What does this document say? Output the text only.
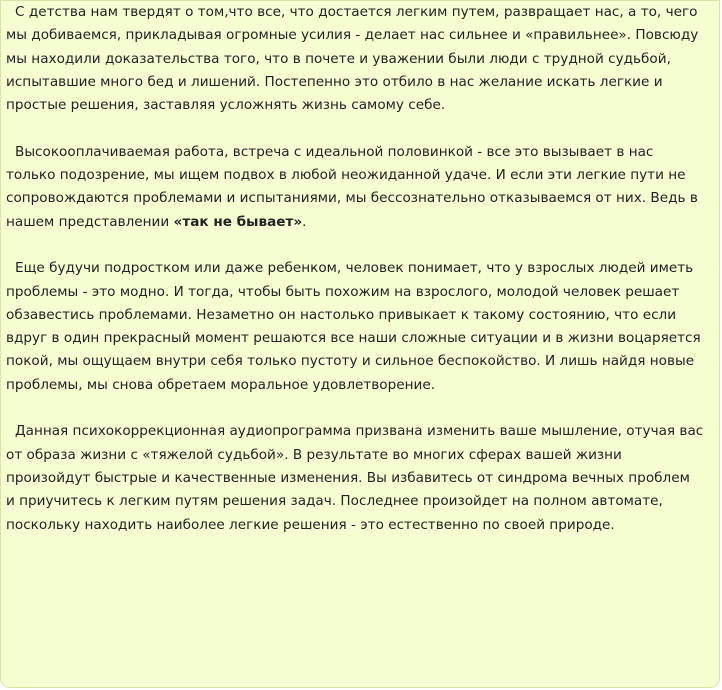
С детства нам твердят о том,что все, что достается легким путем, развращает нас, а то, чего
мы добиваемся, прикладывая огромные усилия - делает нас сильнее и «правильнее». Повсюду
мы находили доказательства того, что в почете и уважении были люди с трудной судьбой,
испытавшие много бед и лишений. Постепенно это отбило в нас желание искать легкие и
простые решения, заставляя усложнять жизнь самому себе.

Высокооплачиваемая работа, встреча с идеальной половинкой - все это вызывает в нас
только подозрение, мы ищем подвох в любой неожиданной удаче. И если эти легкие пути не
сопровождаются проблемами и испытаниями, мы бессознательно отказываемся от них. Ведь в
нашем представлении «так не бывает».

Еще будучи подростком или даже ребенком, человек понимает, что у взрослых людей иметь
проблемы - это модно. И тогда, чтобы быть похожим на взрослого, молодой человек решает
обзавестись проблемами. Незаметно он настолько привыкает к такому состоянию, что если
вдруг в один прекрасный момент решаются все наши сложные ситуации и в жизни воцаряется
покой, мы ощущаем внутри себя только пустоту и сильное беспокойство. И лишь найдя новые
проблемы, мы снова обретаем моральное удовлетворение.

Данная психокоррекционная аудиопрограмма призвана изменить ваше мышление, отучая вас
от образа жизни с «тяжелой судьбой». В результате во многих сферах вашей жизни
произойдут быстрые и качественные изменения. Вы избавитесь от синдрома вечных проблем
и приучитесь к легким путям решения задач. Последнее произойдет на полном автомате,
поскольку находить наиболее легкие решения - это естественно по своей природе.
